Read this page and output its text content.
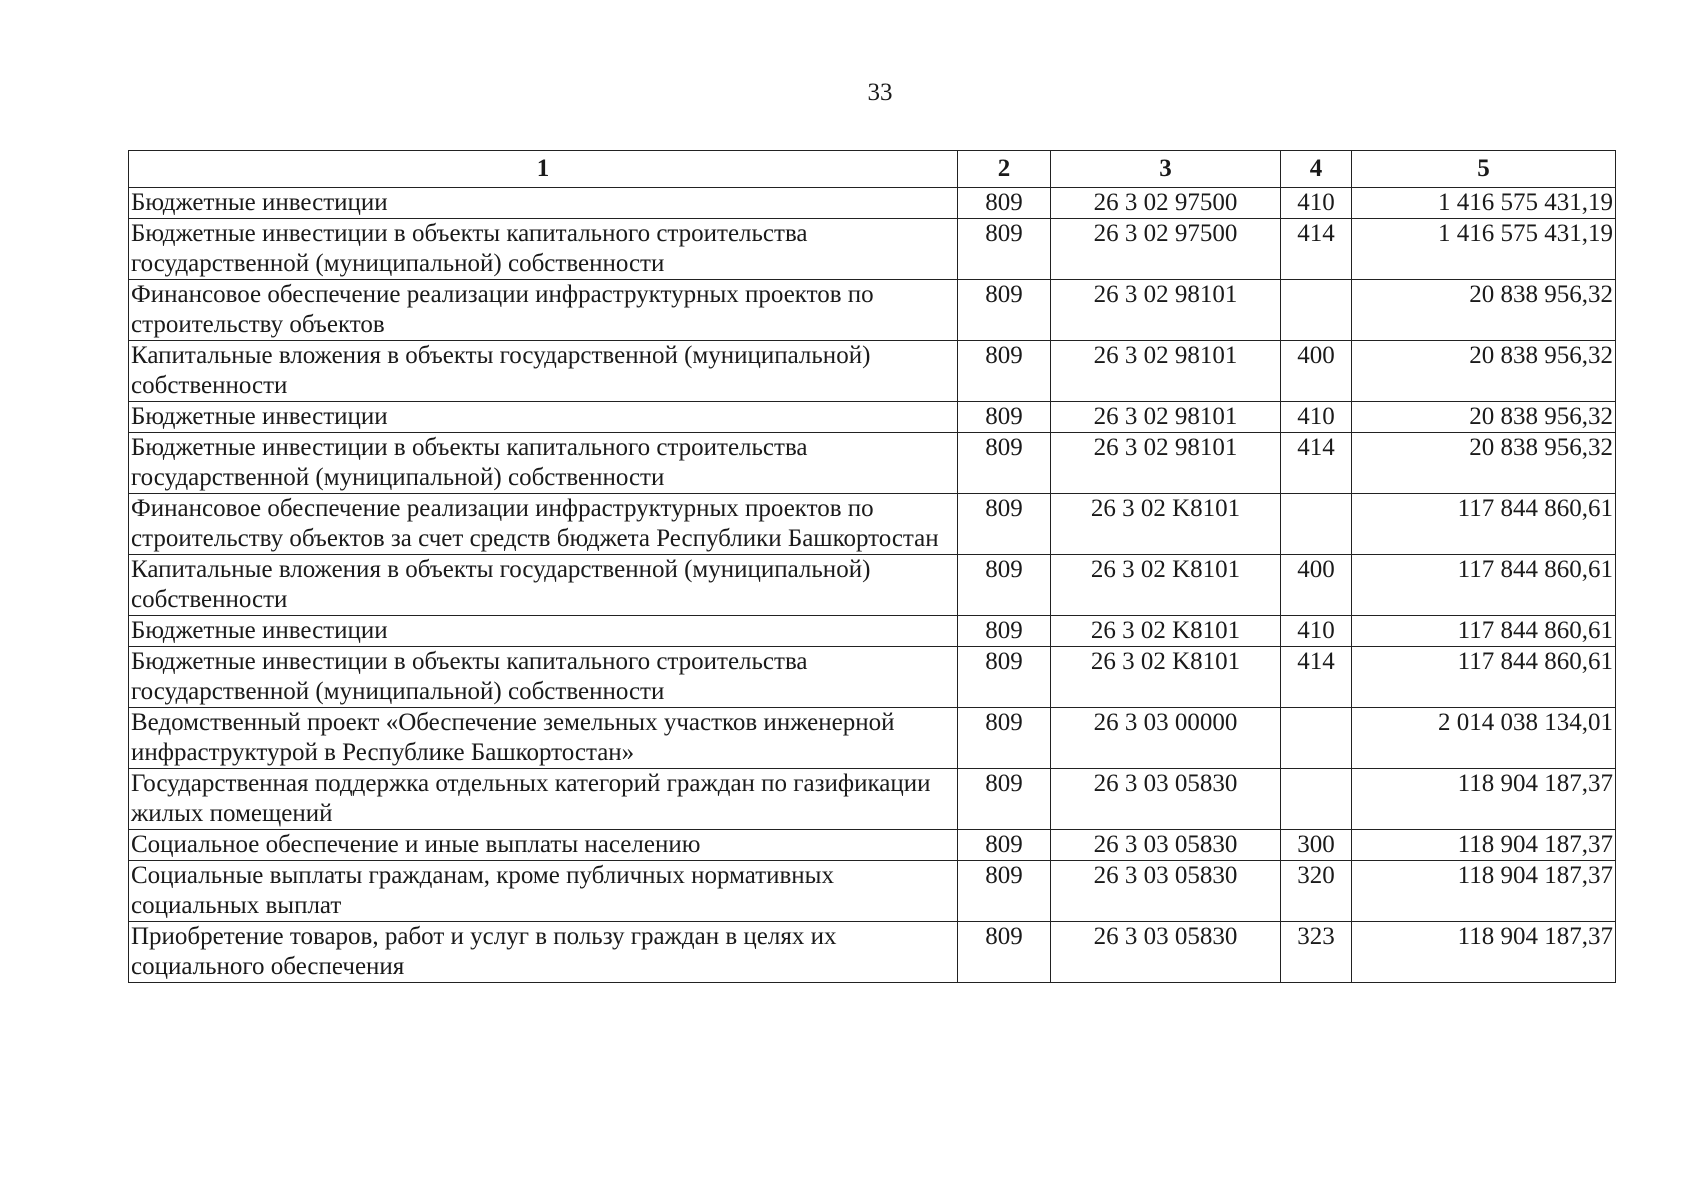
33
1	2	3	4	5
Бюджетные инвестиции	809	26 3 02 97500	410	1 416 575 431,19
Бюджетные инвестиции в объекты капитального строительства государственной (муниципальной) собственности	809	26 3 02 97500	414	1 416 575 431,19
Финансовое обеспечение реализации инфраструктурных проектов по строительству объектов	809	26 3 02 98101		20 838 956,32
Капитальные вложения в объекты государственной (муниципальной) собственности	809	26 3 02 98101	400	20 838 956,32
Бюджетные инвестиции	809	26 3 02 98101	410	20 838 956,32
Бюджетные инвестиции в объекты капитального строительства государственной (муниципальной) собственности	809	26 3 02 98101	414	20 838 956,32
Финансовое обеспечение реализации инфраструктурных проектов по строительству объектов за счет средств бюджета Республики Башкортостан	809	26 3 02 K8101		117 844 860,61
Капитальные вложения в объекты государственной (муниципальной) собственности	809	26 3 02 K8101	400	117 844 860,61
Бюджетные инвестиции	809	26 3 02 K8101	410	117 844 860,61
Бюджетные инвестиции в объекты капитального строительства государственной (муниципальной) собственности	809	26 3 02 K8101	414	117 844 860,61
Ведомственный проект «Обеспечение земельных участков инженерной инфраструктурой в Республике Башкортостан»	809	26 3 03 00000		2 014 038 134,01
Государственная поддержка отдельных категорий граждан по газификации жилых помещений	809	26 3 03 05830		118 904 187,37
Социальное обеспечение и иные выплаты населению	809	26 3 03 05830	300	118 904 187,37
Социальные выплаты гражданам, кроме публичных нормативных социальных выплат	809	26 3 03 05830	320	118 904 187,37
Приобретение товаров, работ и услуг в пользу граждан в целях их социального обеспечения	809	26 3 03 05830	323	118 904 187,37
